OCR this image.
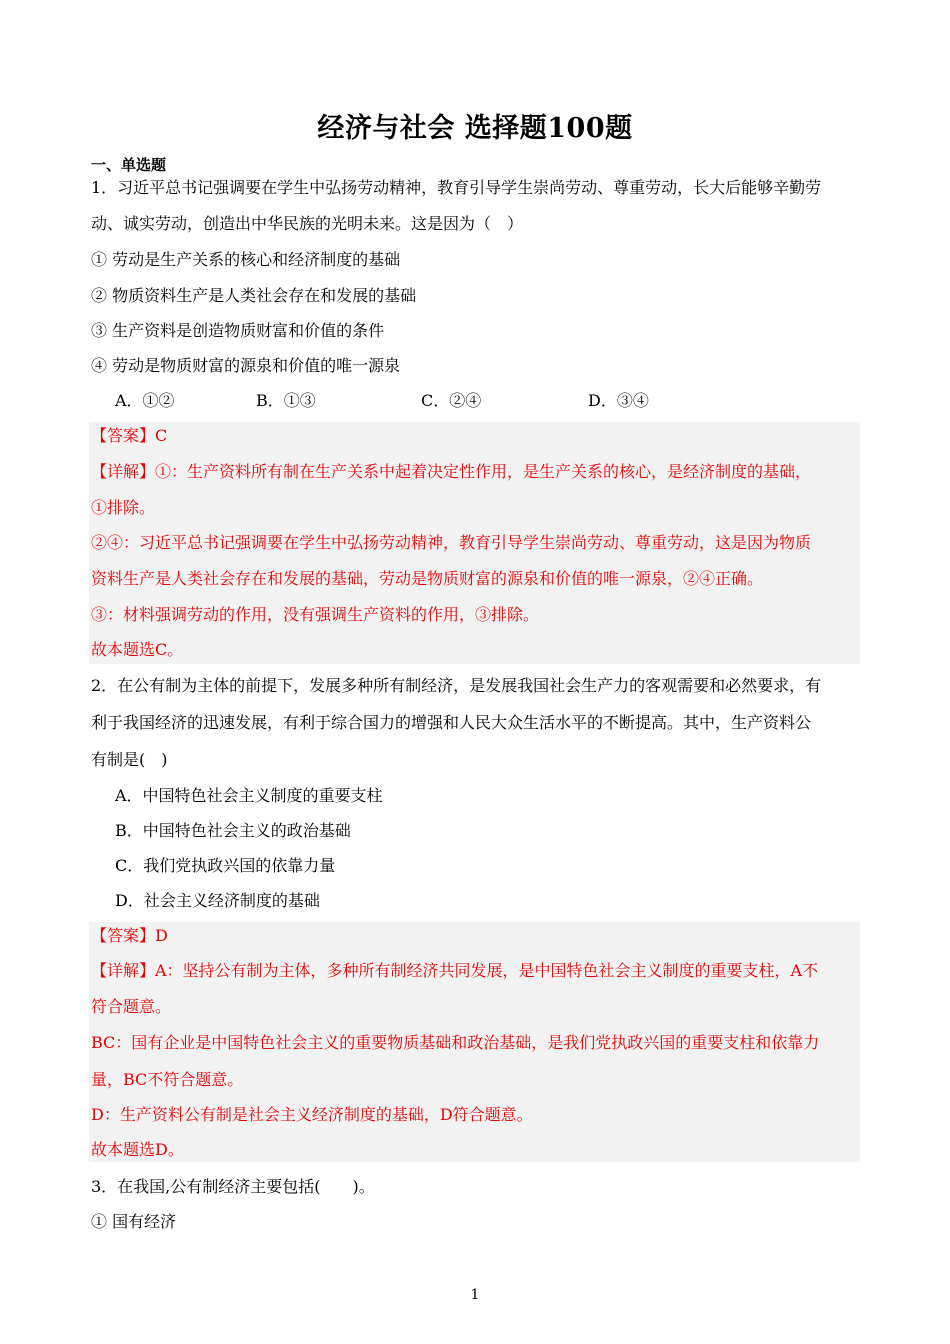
经济与社会 选择题100题
一、单选题
1．习近平总书记强调要在学生中弘扬劳动精神，教育引导学生崇尚劳动、尊重劳动，长大后能够辛勤劳
动、诚实劳动，创造出中华民族的光明未来。这是因为（　）
① 劳动是生产关系的核心和经济制度的基础
② 物质资料生产是人类社会存在和发展的基础
③ 生产资料是创造物质财富和价值的条件
④ 劳动是物质财富的源泉和价值的唯一源泉
A．①②	B．①③	C．②④	D．③④
【答案】C
【详解】①：生产资料所有制在生产关系中起着决定性作用，是生产关系的核心，是经济制度的基础，
①排除。
②④：习近平总书记强调要在学生中弘扬劳动精神，教育引导学生崇尚劳动、尊重劳动，这是因为物质
资料生产是人类社会存在和发展的基础，劳动是物质财富的源泉和价值的唯一源泉，②④正确。
③：材料强调劳动的作用，没有强调生产资料的作用，③排除。
故本题选C。
2．在公有制为主体的前提下，发展多种所有制经济，是发展我国社会生产力的客观需要和必然要求，有
利于我国经济的迅速发展，有利于综合国力的增强和人民大众生活水平的不断提高。其中，生产资料公
有制是(　)
A．中国特色社会主义制度的重要支柱
B．中国特色社会主义的政治基础
C．我们党执政兴国的依靠力量
D．社会主义经济制度的基础
【答案】D
【详解】A：坚持公有制为主体，多种所有制经济共同发展，是中国特色社会主义制度的重要支柱，A不
符合题意。
BC：国有企业是中国特色社会主义的重要物质基础和政治基础，是我们党执政兴国的重要支柱和依靠力
量，BC不符合题意。
D：生产资料公有制是社会主义经济制度的基础，D符合题意。
故本题选D。
3．在我国,公有制经济主要包括(　　)。
① 国有经济
1
